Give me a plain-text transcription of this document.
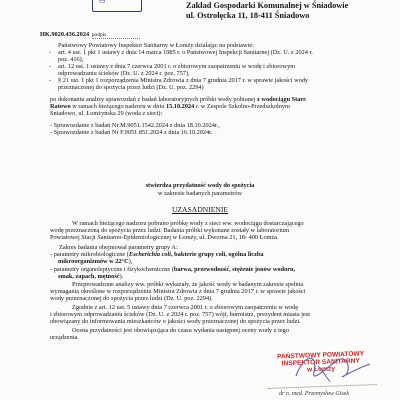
▭	Zakład Gospodarki Komunalnej w Śniadowie
ul. Ostrołęcka 11, 18-411 Śniadowo
HK.9020.436.2024 podpis
Państwowy Powiatowy Inspektor Sanitarny w Łomży działając na podstawie:
- art. 4 ust. 1 pkt 1 ustawy z dnia 14 marca 1985 r. o Państwowej Inspekcji Sanitarnej (Dz. U. z 2024 r.
poz. 416),
- art. 12 ust. 1 ustawy z dnia 7 czerwca 2001 r. o zbiorowym zaopatrzeniu w wodę i zbiorowym
odprowadzaniu ścieków (Dz. U. z 2024 r. poz. 757),
- § 21 ust. 1 pkt 1 rozporządzenia Ministra Zdrowia z dnia 7 grudnia 2017 r. w sprawie jakości wody
przeznaczonej do spożycia przez ludzi (Dz. U. poz. 2294)
po dokonaniu analizy sprawozdań z badań laboratoryjnych próbki wody pobranej z wodociągu Stare
Ratowo w ramach bieżącego nadzoru w dniu 15.10.2024 r. w Zespole Szkolno-Przedszkolnym
Śniadowo, ul. Łomżyńska 29 (woda z sieci):
- Sprawozdanie z badań Nr M.9051.1542.2024 z dnia 18.10.2024r.,
- Sprawozdanie z badań Nr F.9051.851.2024 z dnia 16.10.2024r.
stwierdza przydatność wody do spożycia
w zakresie badanych parametrów
UZASADNIENIE
W ramach bieżącego nadzoru pobrano próbkę wody z sieci ww. wodociągu dostarczającego
wodę przeznaczoną do spożycia przez ludzi. Badania próbki wykonane zostały w laboratorium
Powiatowej Stacji Sanitarno-Epidemiologicznej w Łomży, ul. Dworna 21, 18- 400 Łomża.
Zakres badania obejmował parametry grupy A:
- parametry mikrobiologiczne (Escherichia coli, bakterie grupy coli, ogólna liczba
mikroorganizmów w 22°C),
- parametry organoleptyczne i fizykochemiczne (barwa, przewodność, stężenie jonów wodoru,
smak, zapach, mętność).
Przeprowadzone analizy ww. próbki wykazały, że jakość wody w badanym zakresie spełnia
wymagania określone w rozporządzeniu Ministra Zdrowia z dnia 7 grudnia 2017 r. w sprawie jakości
wody przeznaczonej do spożycia przez ludzi (Dz. U. poz. 2294).
Zgodnie z art. 12 ust. 5 ustawy dnia 7 czerwca 2001 r. o zbiorowym zaopatrzeniu w wodę
i zbiorowym odprowadzaniu ścieków (Dz. U. z 2024 r. poz. 757) wójt, burmistrz, prezydent miasta jest
obowiązany do informowania mieszkańców o jakości wody przeznaczonej do spożycia przez ludzi.
Ocena przydatności jest obowiązująca do czasu wydania następnej oceny wody z tego
urządzenia.
PAŃSTWOWY POWIATOWY
INSPEKTOR SANITARNY
w Łomży
dr n. med. Przemysław Gisek
